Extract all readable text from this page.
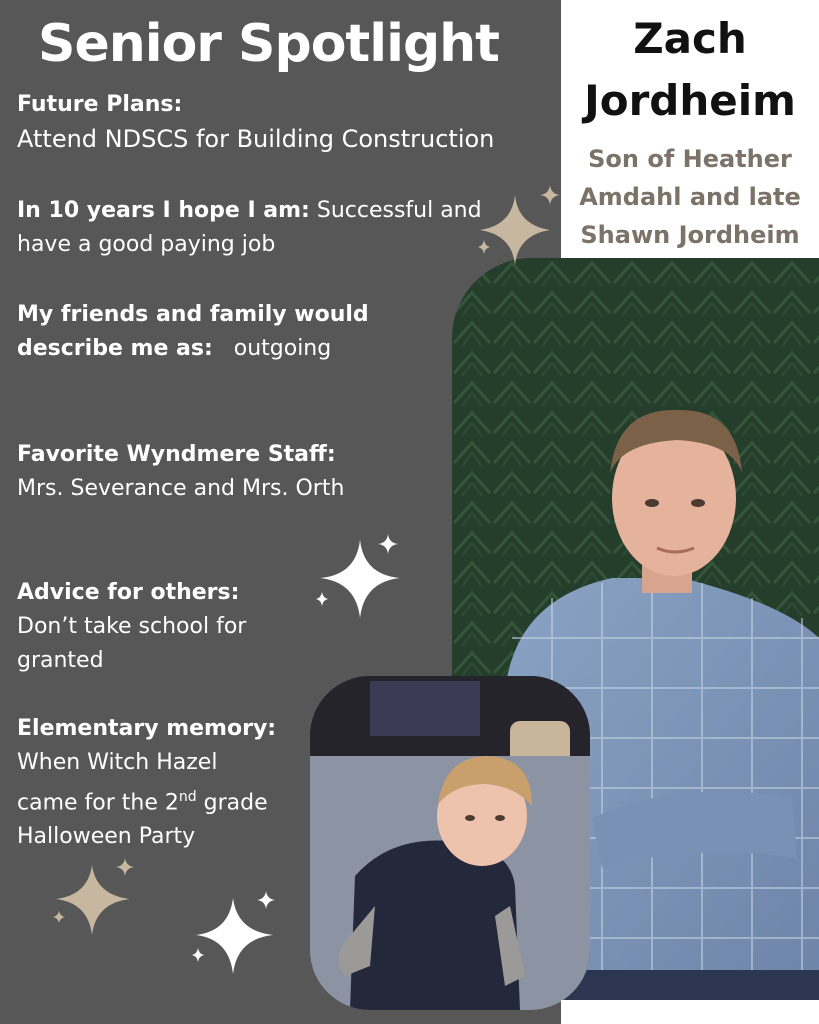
Zach
Jordheim
Son of Heather
Amdahl and late
Shawn Jordheim
Senior Spotlight
Future Plans:
Attend NDSCS for Building Construction
In 10 years I hope I am: Successful and
have a good paying job
My friends and family would
describe me as:   outgoing
Favorite Wyndmere Staff:
Mrs. Severance and Mrs. Orth
Advice for others:
Don’t take school for
granted
Elementary memory:
When Witch Hazel
came for the 2nd grade
Halloween Party
